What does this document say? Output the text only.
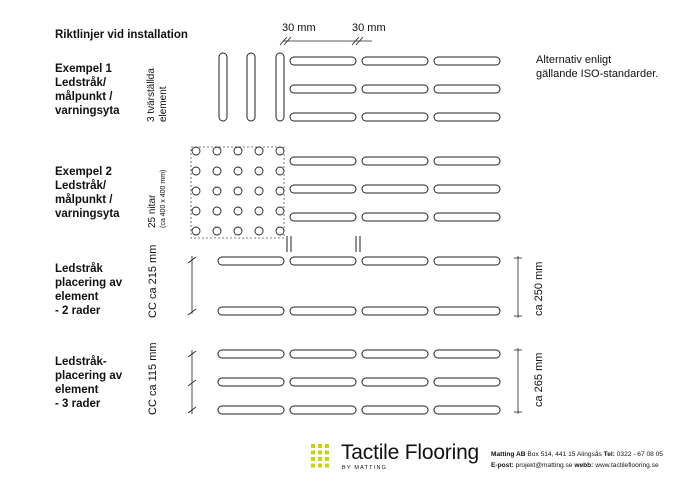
Riktlinjer vid installation
Exempel 1
Ledstråk/
målpunkt /
varningsyta
Exempel 2
Ledstråk/
målpunkt /
varningsyta
Ledstråk
placering av
element
- 2 rader
Ledstråk-
placering av
element
- 3 rader
Alternativ enligt
gällande ISO-standarder.
30 mm	30 mm
3 tvärställda element
25 nitar (ca 400 x 400 mm)
CC ca 215 mm	ca 250 mm
CC ca 115 mm	ca 265 mm
Tactile Flooring
BY MATTING
Matting AB Box 514, 441 15 Alingsås Tel: 0322 - 67 08 05
E-post: projekt@matting.se webb: www.tactileflooring.se
